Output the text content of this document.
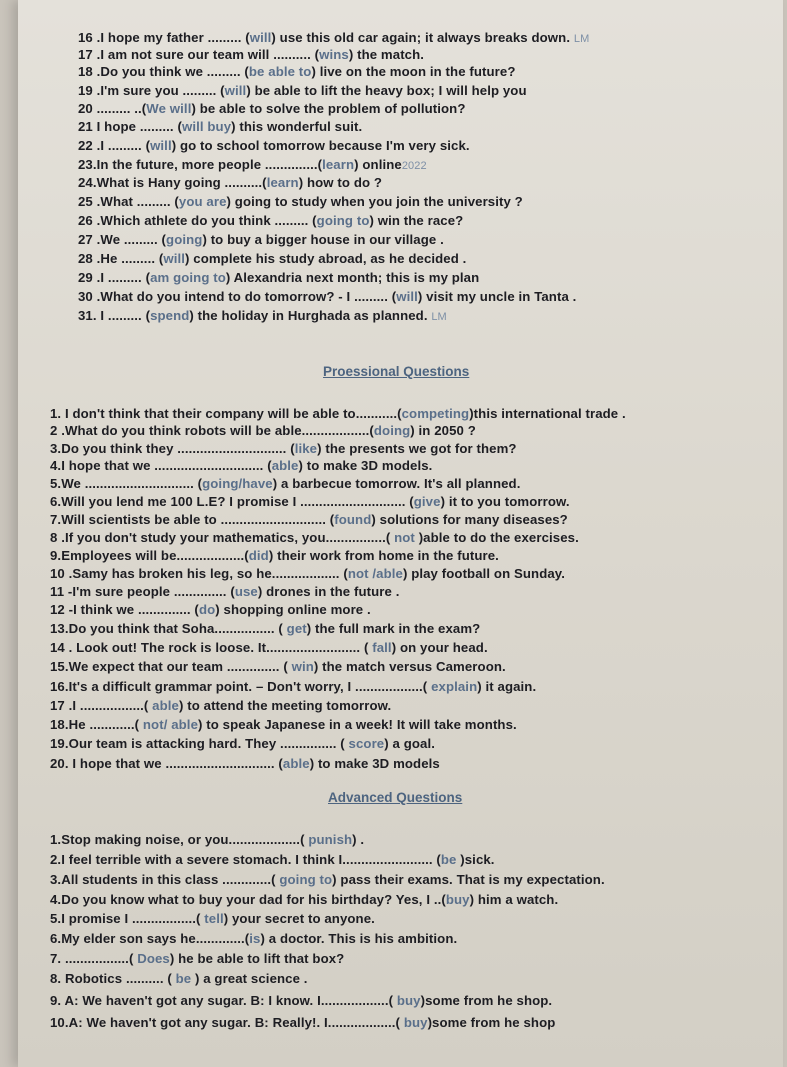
16 .I hope my father ......... (will) use this old car again; it always breaks down. LM
17 .I am not sure our team will .......... (wins) the match.
18 .Do you think we ......... (be able to) live on the moon in the future?
19 .I'm sure you ......... (will) be able to lift the heavy box; I will help you
20 ......... ..(We will) be able to solve the problem of pollution?
21 I hope ......... (will buy) this wonderful suit.
22 .I ......... (will) go to school tomorrow because I'm very sick.
23.In the future, more people ..............(learn) online2022
24.What is Hany going ..........(learn) how to do ?
25 .What ......... (you are) going to study when you join the university ?
26 .Which athlete do you think ......... (going to) win the race?
27 .We ......... (going) to buy a bigger house in our village .
28 .He ......... (will) complete his study abroad, as he decided .
29 .I ......... (am going to) Alexandria next month; this is my plan
30 .What do you intend to do tomorrow? - I ......... (will) visit my uncle in Tanta .
31. I ......... (spend) the holiday in Hurghada as planned. LM
Proessional Questions
1. I don't think that their company will be able to...........(competing)this international trade .
2 .What do you think robots will be able..................(doing) in 2050 ?
3.Do you think they ............................. (like) the presents we got for them?
4.I hope that we ............................. (able) to make 3D models.
5.We ............................. (going/have) a barbecue tomorrow. It's all planned.
6.Will you lend me 100 L.E? I promise I ............................ (give) it to you tomorrow.
7.Will scientists be able to ............................ (found) solutions for many diseases?
8 .If you don't study your mathematics, you................( not )able to do the exercises.
9.Employees will be..................(did) their work from home in the future.
10 .Samy has broken his leg, so he.................. (not /able) play football on Sunday.
11 -I'm sure people .............. (use) drones in the future .
12 -I think we .............. (do) shopping online more .
13.Do you think that Soha................ ( get) the full mark in the exam?
14 . Look out! The rock is loose. It......................... ( fall) on your head.
15.We expect that our team .............. ( win) the match versus Cameroon.
16.It's a difficult grammar point. – Don't worry, I ..................( explain) it again.
17 .I .................( able) to attend the meeting tomorrow.
18.He ............( not/ able) to speak Japanese in a week! It will take months.
19.Our team is attacking hard. They ............... ( score) a goal.
20. I hope that we ............................. (able) to make 3D models
Advanced Questions
1.Stop making noise, or you...................( punish) .
2.I feel terrible with a severe stomach. I think I........................ (be )sick.
3.All students in this class .............( going to) pass their exams. That is my expectation.
4.Do you know what to buy your dad for his birthday? Yes, I ..(buy) him a watch.
5.I promise I .................( tell) your secret to anyone.
6.My elder son says he.............(is) a doctor. This is his ambition.
7. .................( Does) he be able to lift that box?
8. Robotics .......... ( be ) a great science .
9. A: We haven't got any sugar. B: I know. I..................( buy)some from he shop.
10.A: We haven't got any sugar. B: Really!. I..................( buy)some from he shop
